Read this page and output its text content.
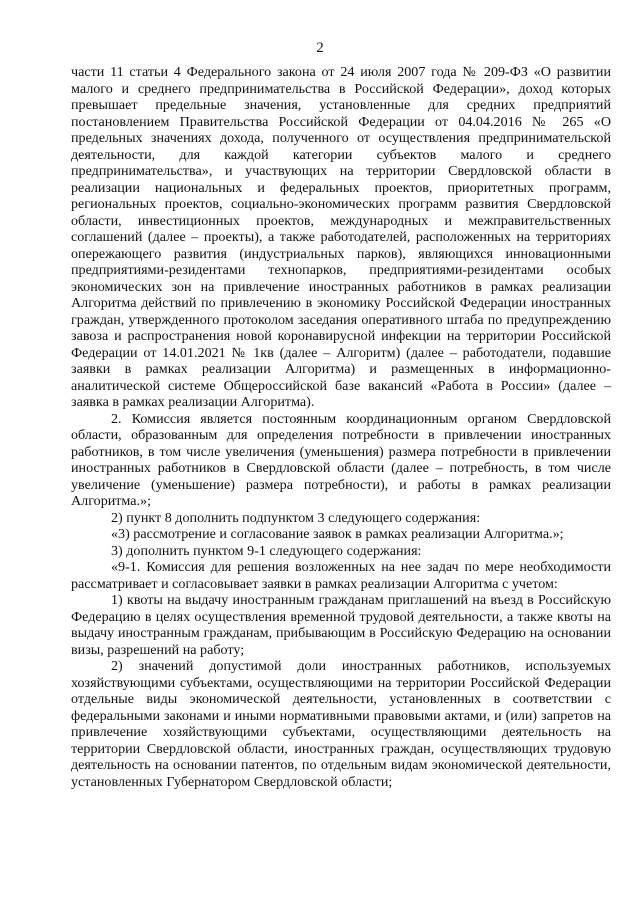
2

части 11 статьи 4 Федерального закона от 24 июля 2007 года № 209-ФЗ «О развитии малого и среднего предпринимательства в Российской Федерации», доход которых превышает предельные значения, установленные для средних предприятий постановлением Правительства Российской Федерации от 04.04.2016 № 265 «О предельных значениях дохода, полученного от осуществления предпринимательской деятельности, для каждой категории субъектов малого и среднего предпринимательства», и участвующих на территории Свердловской области в реализации национальных и федеральных проектов, приоритетных программ, региональных проектов, социально-экономических программ развития Свердловской области, инвестиционных проектов, международных и межправительственных соглашений (далее – проекты), а также работодателей, расположенных на территориях опережающего развития (индустриальных парков), являющихся инновационными предприятиями-резидентами технопарков, предприятиями-резидентами особых экономических зон на привлечение иностранных работников в рамках реализации Алгоритма действий по привлечению в экономику Российской Федерации иностранных граждан, утвержденного протоколом заседания оперативного штаба по предупреждению завоза и распространения новой коронавирусной инфекции на территории Российской Федерации от 14.01.2021 № 1кв (далее – Алгоритм) (далее – работодатели, подавшие заявки в рамках реализации Алгоритма) и размещенных в информационно-аналитической системе Общероссийской базе вакансий «Работа в России» (далее – заявка в рамках реализации Алгоритма).

2. Комиссия является постоянным координационным органом Свердловской области, образованным для определения потребности в привлечении иностранных работников, в том числе увеличения (уменьшения) размера потребности в привлечении иностранных работников в Свердловской области (далее – потребность, в том числе увеличение (уменьшение) размера потребности), и работы в рамках реализации Алгоритма.»;

2) пункт 8 дополнить подпунктом 3 следующего содержания:

«3) рассмотрение и согласование заявок в рамках реализации Алгоритма.»;

3) дополнить пунктом 9-1 следующего содержания:

«9-1. Комиссия для решения возложенных на нее задач по мере необходимости рассматривает и согласовывает заявки в рамках реализации Алгоритма с учетом:

1) квоты на выдачу иностранным гражданам приглашений на въезд в Российскую Федерацию в целях осуществления временной трудовой деятельности, а также квоты на выдачу иностранным гражданам, прибывающим в Российскую Федерацию на основании визы, разрешений на работу;

2) значений допустимой доли иностранных работников, используемых хозяйствующими субъектами, осуществляющими на территории Российской Федерации отдельные виды экономической деятельности, установленных в соответствии с федеральными законами и иными нормативными правовыми актами, и (или) запретов на привлечение хозяйствующими субъектами, осуществляющими деятельность на территории Свердловской области, иностранных граждан, осуществляющих трудовую деятельность на основании патентов, по отдельным видам экономической деятельности, установленных Губернатором Свердловской области;
